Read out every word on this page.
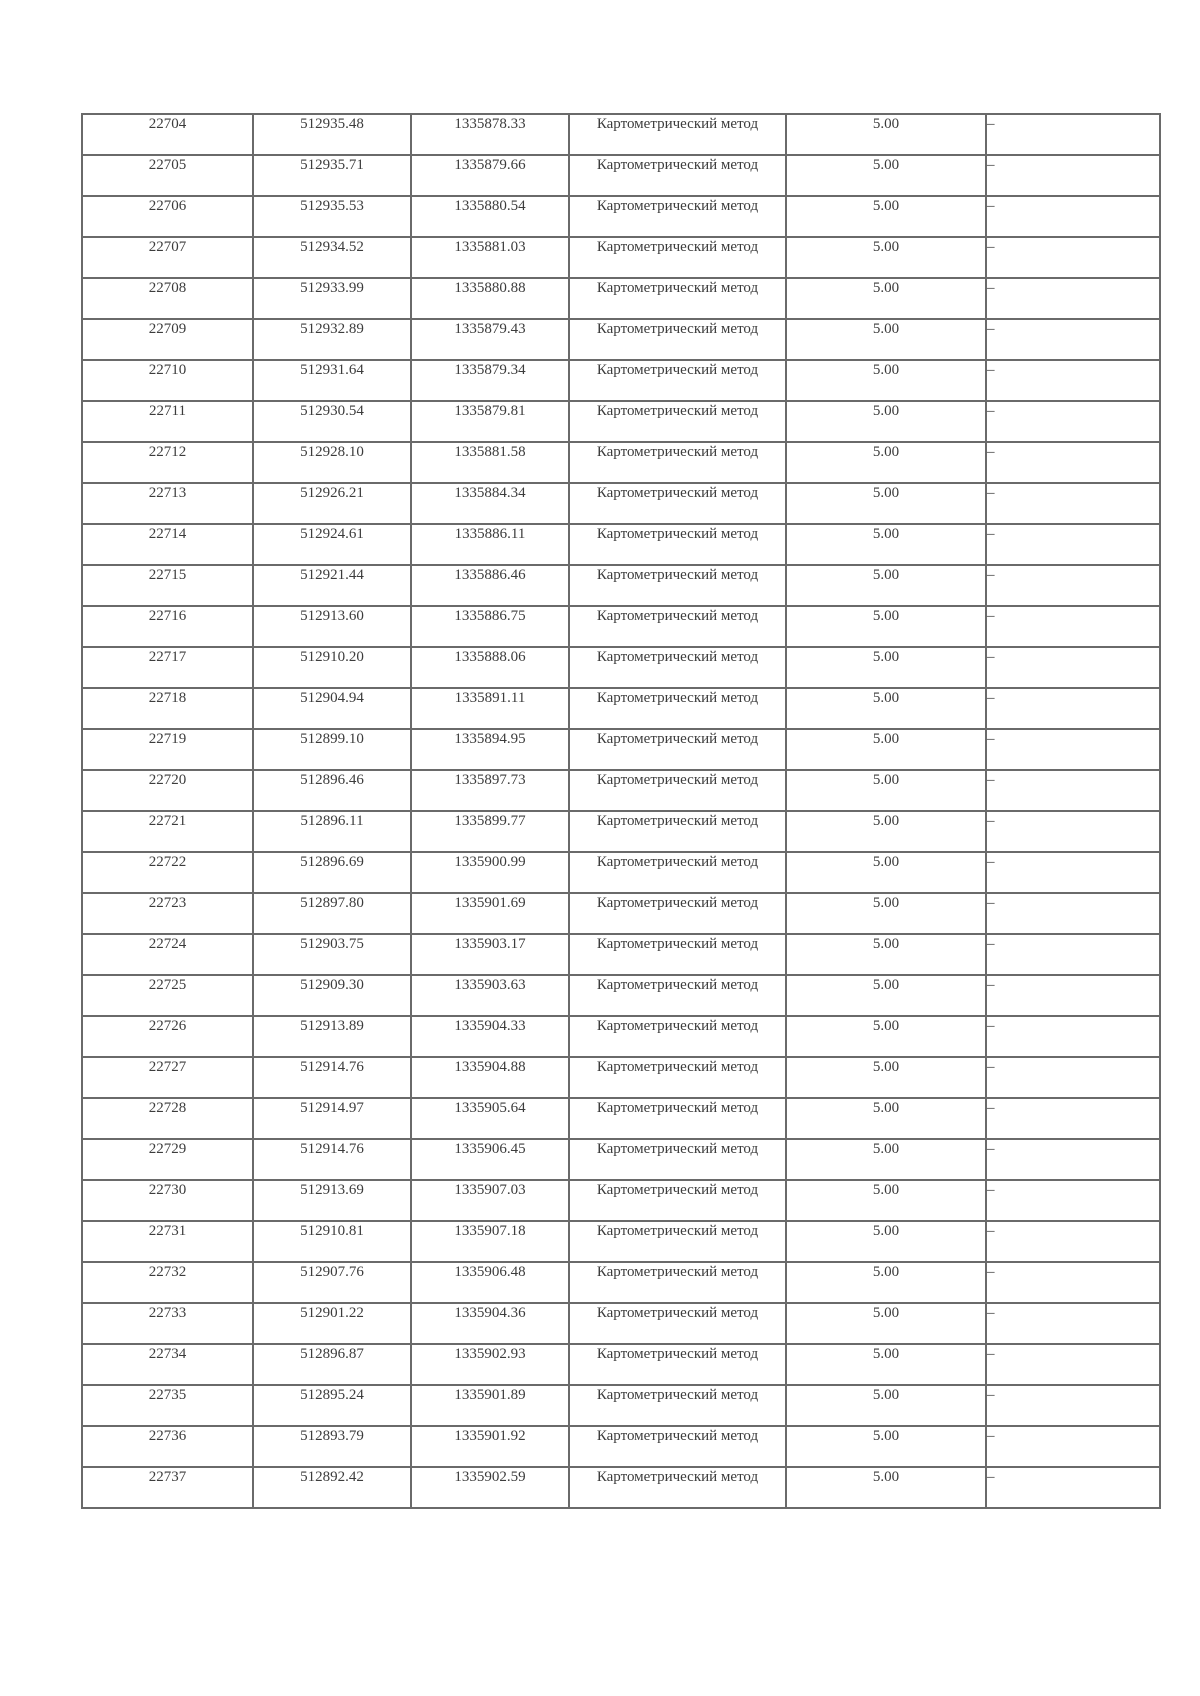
22704	512935.48	1335878.33	Картометрический метод	5.00	–
22705	512935.71	1335879.66	Картометрический метод	5.00	–
22706	512935.53	1335880.54	Картометрический метод	5.00	–
22707	512934.52	1335881.03	Картометрический метод	5.00	–
22708	512933.99	1335880.88	Картометрический метод	5.00	–
22709	512932.89	1335879.43	Картометрический метод	5.00	–
22710	512931.64	1335879.34	Картометрический метод	5.00	–
22711	512930.54	1335879.81	Картометрический метод	5.00	–
22712	512928.10	1335881.58	Картометрический метод	5.00	–
22713	512926.21	1335884.34	Картометрический метод	5.00	–
22714	512924.61	1335886.11	Картометрический метод	5.00	–
22715	512921.44	1335886.46	Картометрический метод	5.00	–
22716	512913.60	1335886.75	Картометрический метод	5.00	–
22717	512910.20	1335888.06	Картометрический метод	5.00	–
22718	512904.94	1335891.11	Картометрический метод	5.00	–
22719	512899.10	1335894.95	Картометрический метод	5.00	–
22720	512896.46	1335897.73	Картометрический метод	5.00	–
22721	512896.11	1335899.77	Картометрический метод	5.00	–
22722	512896.69	1335900.99	Картометрический метод	5.00	–
22723	512897.80	1335901.69	Картометрический метод	5.00	–
22724	512903.75	1335903.17	Картометрический метод	5.00	–
22725	512909.30	1335903.63	Картометрический метод	5.00	–
22726	512913.89	1335904.33	Картометрический метод	5.00	–
22727	512914.76	1335904.88	Картометрический метод	5.00	–
22728	512914.97	1335905.64	Картометрический метод	5.00	–
22729	512914.76	1335906.45	Картометрический метод	5.00	–
22730	512913.69	1335907.03	Картометрический метод	5.00	–
22731	512910.81	1335907.18	Картометрический метод	5.00	–
22732	512907.76	1335906.48	Картометрический метод	5.00	–
22733	512901.22	1335904.36	Картометрический метод	5.00	–
22734	512896.87	1335902.93	Картометрический метод	5.00	–
22735	512895.24	1335901.89	Картометрический метод	5.00	–
22736	512893.79	1335901.92	Картометрический метод	5.00	–
22737	512892.42	1335902.59	Картометрический метод	5.00	–
